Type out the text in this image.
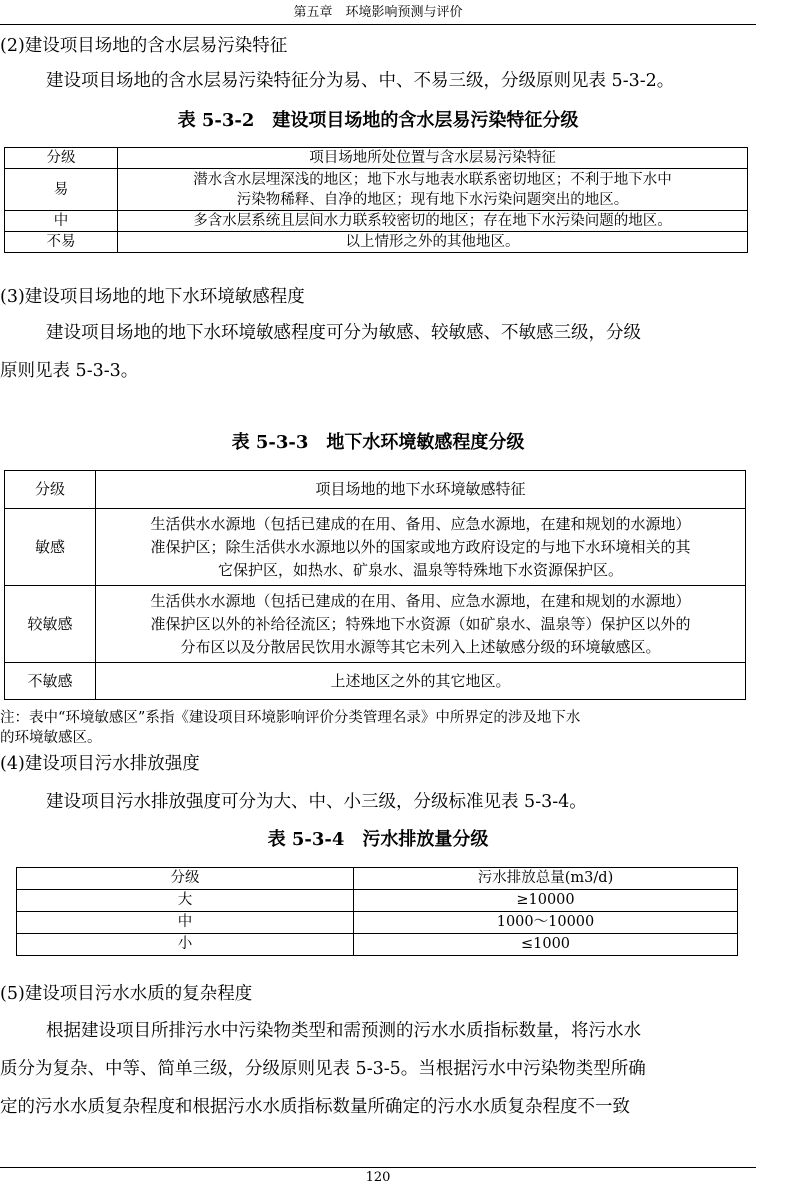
第五章　环境影响预测与评价
(2)建设项目场地的含水层易污染特征
建设项目场地的含水层易污染特征分为易、中、不易三级，分级原则见表 5-3-2。
表 5-3-2　建设项目场地的含水层易污染特征分级
分级	项目场地所处位置与含水层易污染特征
易	潜水含水层埋深浅的地区；地下水与地表水联系密切地区；不利于地下水中
污染物稀释、自净的地区；现有地下水污染问题突出的地区。

中	多含水层系统且层间水力联系较密切的地区；存在地下水污染问题的地区。
不易	以上情形之外的其他地区。
(3)建设项目场地的地下水环境敏感程度
建设项目场地的地下水环境敏感程度可分为敏感、较敏感、不敏感三级，分级
原则见表 5-3-3。
表 5-3-3　地下水环境敏感程度分级
分级	项目场地的地下水环境敏感特征
敏感	生活供水水源地（包括已建成的在用、备用、应急水源地，在建和规划的水源地）
准保护区；除生活供水水源地以外的国家或地方政府设定的与地下水环境相关的其
它保护区，如热水、矿泉水、温泉等特殊地下水资源保护区。

较敏感	生活供水水源地（包括已建成的在用、备用、应急水源地，在建和规划的水源地）
准保护区以外的补给径流区；特殊地下水资源（如矿泉水、温泉等）保护区以外的
分布区以及分散居民饮用水源等其它未列入上述敏感分级的环境敏感区。

不敏感	上述地区之外的其它地区。
注：表中“环境敏感区”系指《建设项目环境影响评价分类管理名录》中所界定的涉及地下水
的环境敏感区。
(4)建设项目污水排放强度
建设项目污水排放强度可分为大、中、小三级，分级标准见表 5-3-4。
表 5-3-4　污水排放量分级
分级	污水排放总量(m3/d)
大	≥10000
中	1000～10000
小	≤1000
(5)建设项目污水水质的复杂程度
根据建设项目所排污水中污染物类型和需预测的污水水质指标数量，将污水水
质分为复杂、中等、简单三级，分级原则见表 5-3-5。当根据污水中污染物类型所确
定的污水水质复杂程度和根据污水水质指标数量所确定的污水水质复杂程度不一致
120
